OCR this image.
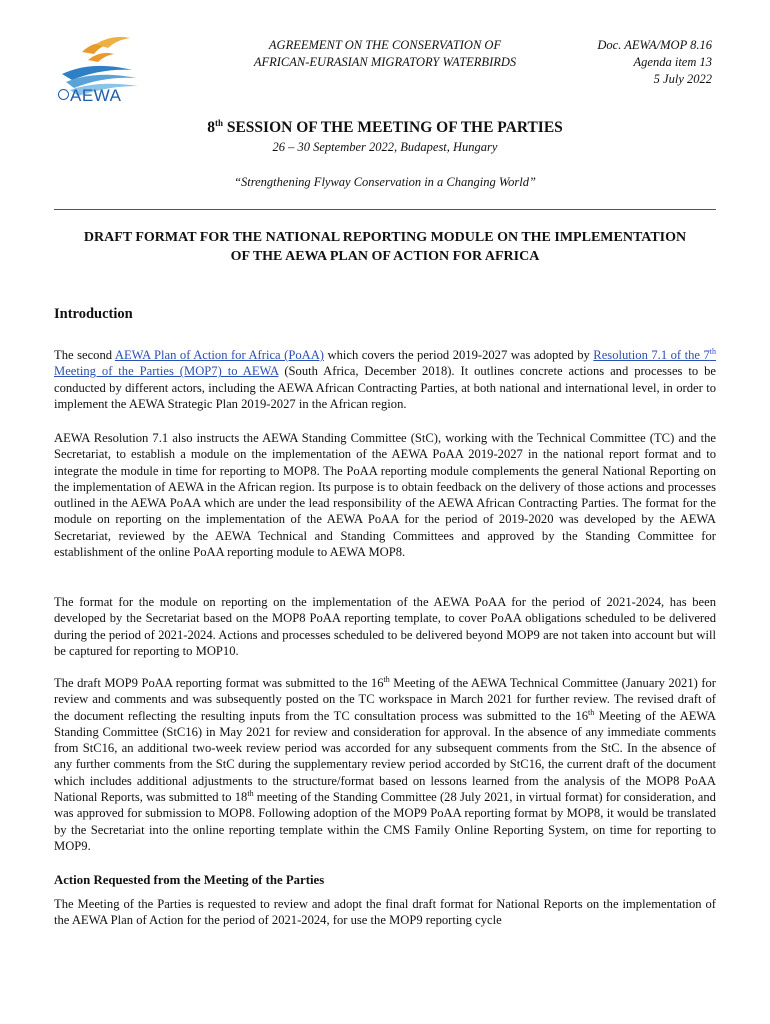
AEWA
AGREEMENT ON THE CONSERVATION OF
AFRICAN-EURASIAN MIGRATORY WATERBIRDS
Doc. AEWA/MOP 8.16
Agenda item 13
5 July 2022
8th SESSION OF THE MEETING OF THE PARTIES
26 – 30 September 2022, Budapest, Hungary
“Strengthening Flyway Conservation in a Changing World”
DRAFT FORMAT FOR THE NATIONAL REPORTING MODULE ON THE IMPLEMENTATION
OF THE AEWA PLAN OF ACTION FOR AFRICA
Introduction

The second AEWA Plan of Action for Africa (PoAA) which covers the period 2019-2027 was adopted by Resolution 7.1 of the 7th Meeting of the Parties (MOP7) to AEWA (South Africa, December 2018). It outlines concrete actions and processes to be conducted by different actors, including the AEWA African Contracting Parties, at both national and international level, in order to implement the AEWA Strategic Plan 2019-2027 in the African region.

AEWA Resolution 7.1 also instructs the AEWA Standing Committee (StC), working with the Technical Committee (TC) and the Secretariat, to establish a module on the implementation of the AEWA PoAA 2019-2027 in the national report format and to integrate the module in time for reporting to MOP8. The PoAA reporting module complements the general National Reporting on the implementation of AEWA in the African region. Its purpose is to obtain feedback on the delivery of those actions and processes outlined in the AEWA PoAA which are under the lead responsibility of the AEWA African Contracting Parties. The format for the module on reporting on the implementation of the AEWA PoAA for the period of 2019-2020 was developed by the AEWA Secretariat, reviewed by the AEWA Technical and Standing Committees and approved by the Standing Committee for establishment of the online PoAA reporting module to AEWA MOP8.

The format for the module on reporting on the implementation of the AEWA PoAA for the period of 2021-2024, has been developed by the Secretariat based on the MOP8 PoAA reporting template, to cover PoAA obligations scheduled to be delivered during the period of 2021-2024. Actions and processes scheduled to be delivered beyond MOP9 are not taken into account but will be captured for reporting to MOP10.

The draft MOP9 PoAA reporting format was submitted to the 16th Meeting of the AEWA Technical Committee (January 2021) for review and comments and was subsequently posted on the TC workspace in March 2021 for further review. The revised draft of the document reflecting the resulting inputs from the TC consultation process was submitted to the 16th Meeting of the AEWA Standing Committee (StC16) in May 2021 for review and consideration for approval. In the absence of any immediate comments from StC16, an additional two-week review period was accorded for any subsequent comments from the StC. In the absence of any further comments from the StC during the supplementary review period accorded by StC16, the current draft of the document which includes additional adjustments to the structure/format based on lessons learned from the analysis of the MOP8 PoAA National Reports, was submitted to 18th meeting of the Standing Committee (28 July 2021, in virtual format) for consideration, and was approved for submission to MOP8. Following adoption of the MOP9 PoAA reporting format by MOP8, it would be translated by the Secretariat into the online reporting template within the CMS Family Online Reporting System, on time for reporting to MOP9.

Action Requested from the Meeting of the Parties

The Meeting of the Parties is requested to review and adopt the final draft format for National Reports on the implementation of the AEWA Plan of Action for the period of 2021-2024, for use the MOP9 reporting cycle
